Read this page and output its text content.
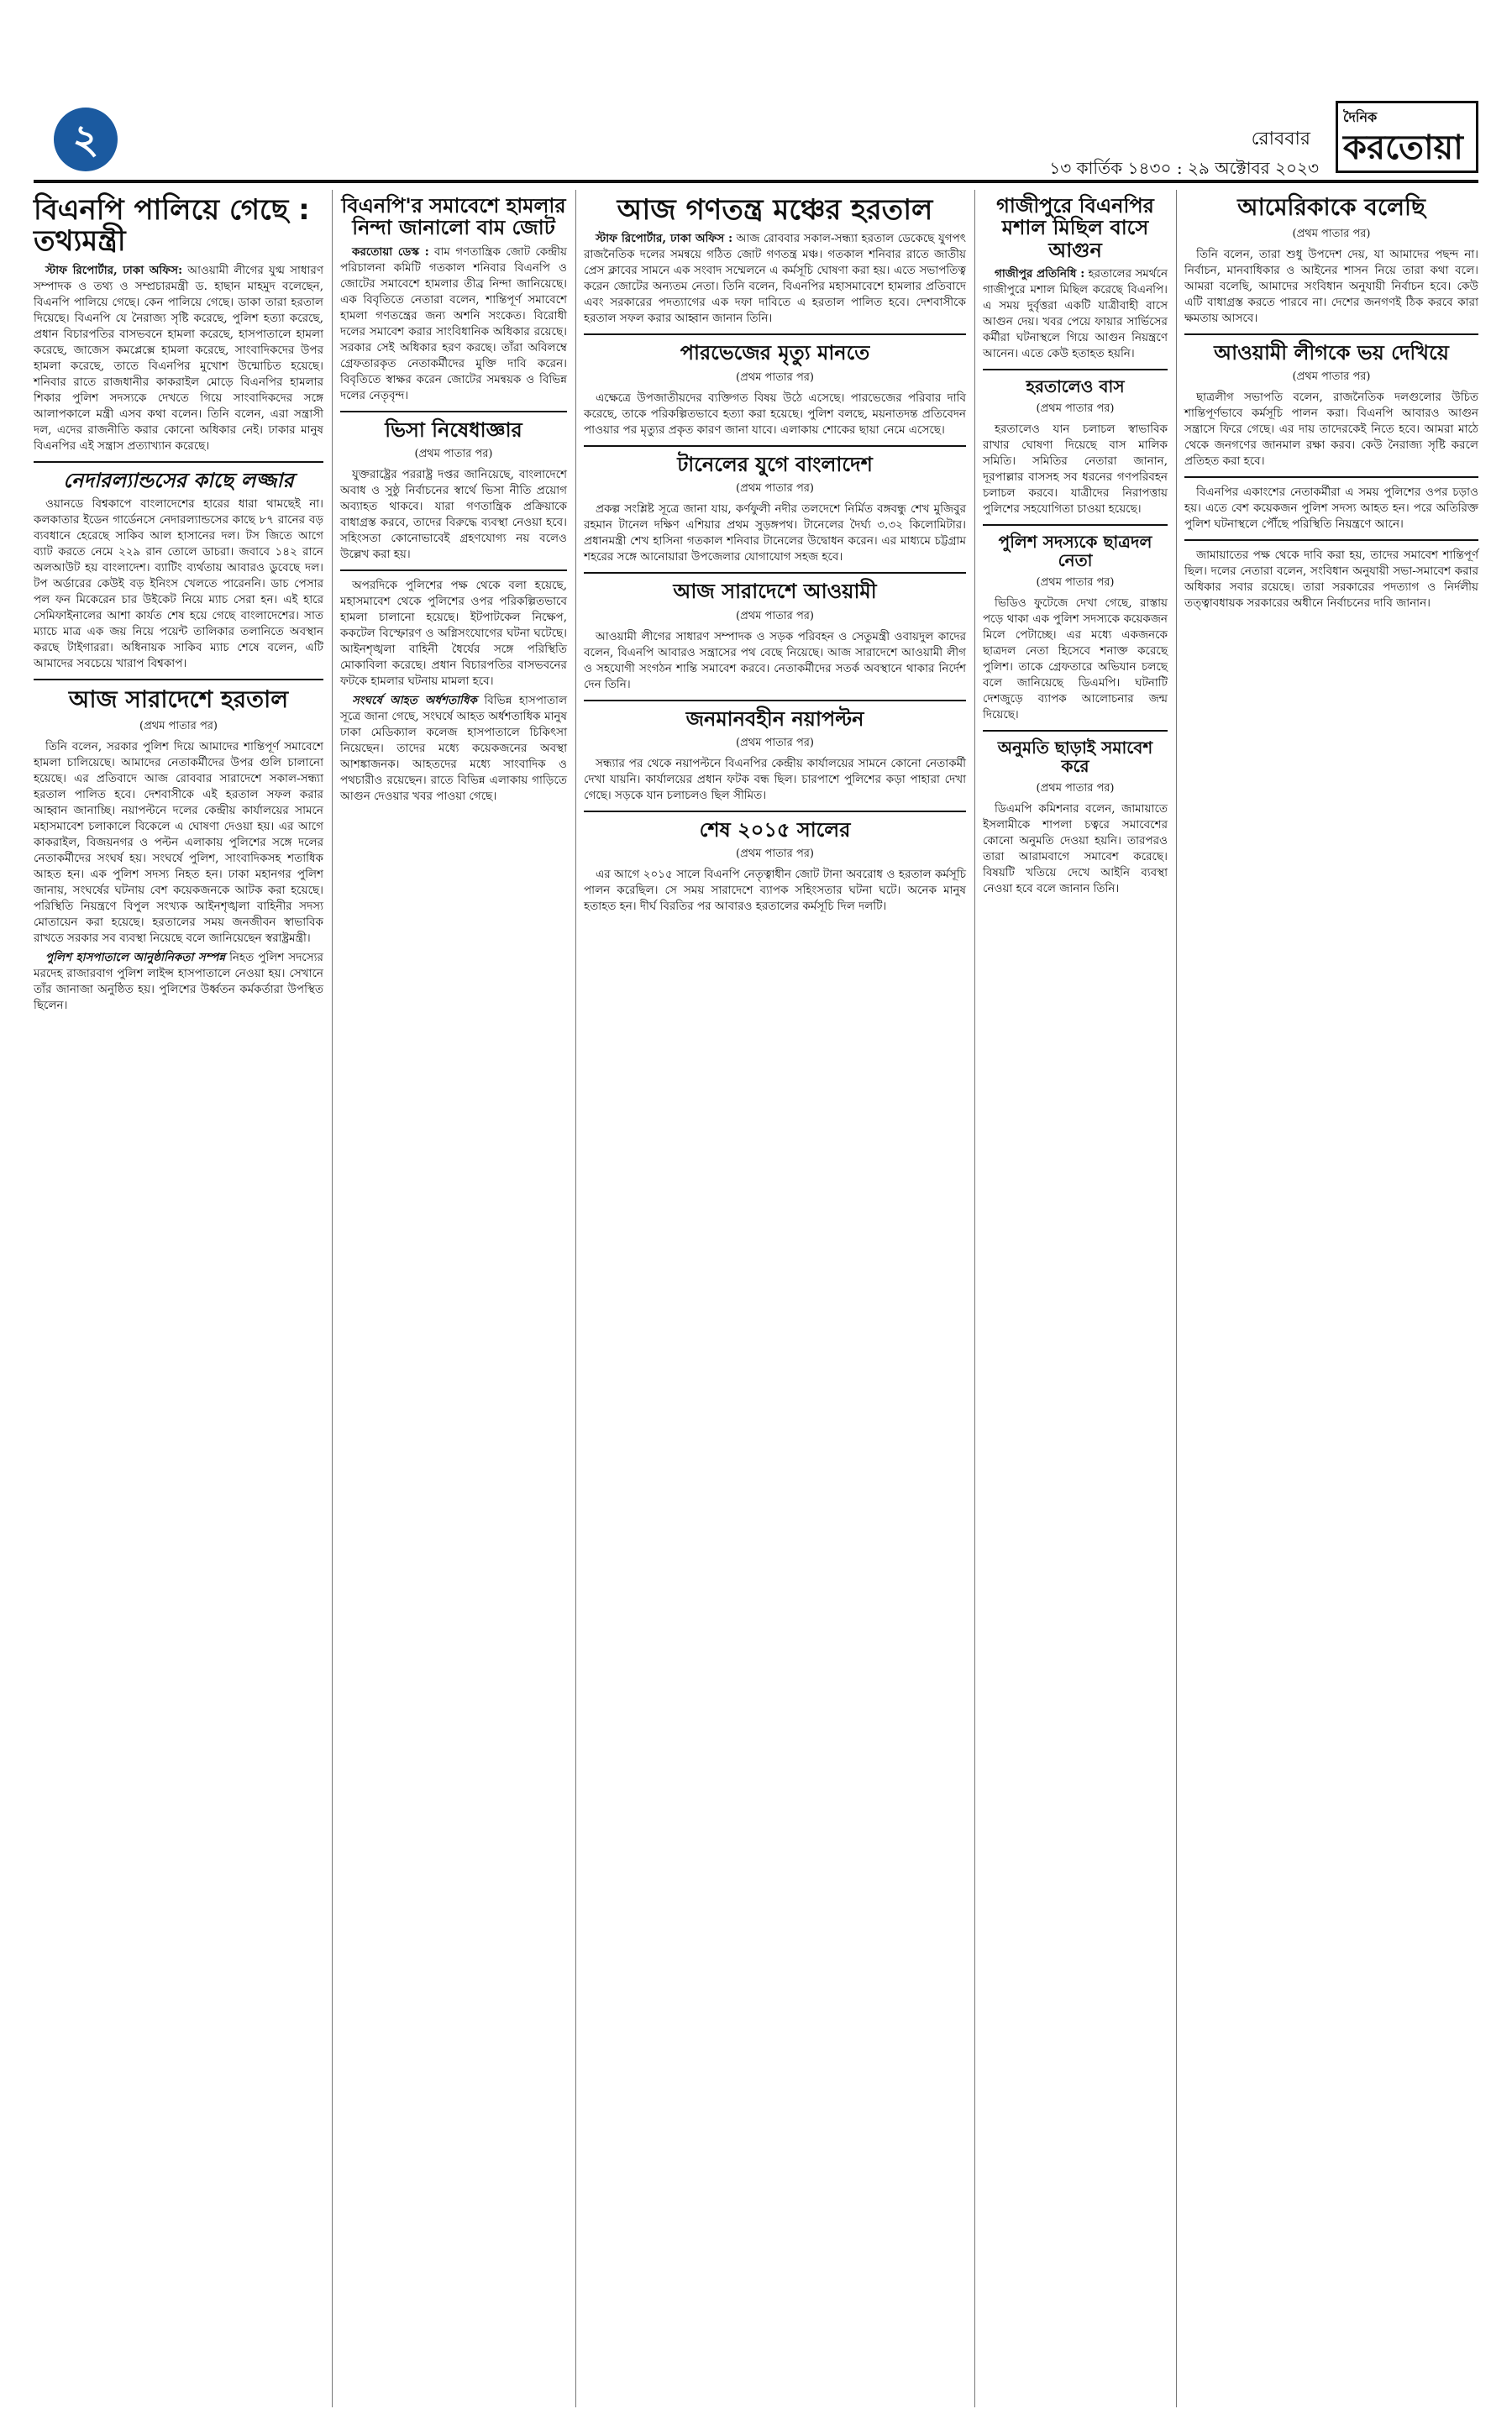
২	রোববার
১৩ কার্তিক ১৪৩০ : ২৯ অক্টোবর ২০২৩
দৈনিক
করতোয়া
বিএনপি পালিয়ে গেছে : তথ্যমন্ত্রী

স্টাফ রিপোর্টার, ঢাকা অফিস: আওয়ামী লীগের যুগ্ম সাধারণ সম্পাদক ও তথ্য ও সম্প্রচারমন্ত্রী ড. হাছান মাহমুদ বলেছেন, বিএনপি পালিয়ে গেছে। কেন পালিয়ে গেছে। ডাকা তারা হরতাল দিয়েছে। বিএনপি যে নৈরাজ্য সৃষ্টি করেছে, পুলিশ হত্যা করেছে, প্রধান বিচারপতির বাসভবনে হামলা করেছে, হাসপাতালে হামলা করেছে, জাজেস কমপ্লেক্সে হামলা করেছে, সাংবাদিকদের উপর হামলা করেছে, তাতে বিএনপির মুখোশ উন্মোচিত হয়েছে। শনিবার রাতে রাজধানীর কাকরাইল মোড়ে বিএনপির হামলার শিকার পুলিশ সদস্যকে দেখতে গিয়ে সাংবাদিকদের সঙ্গে আলাপকালে মন্ত্রী এসব কথা বলেন। তিনি বলেন, এরা সন্ত্রাসী দল, এদের রাজনীতি করার কোনো অধিকার নেই। ঢাকার মানুষ বিএনপির এই সন্ত্রাস প্রত্যাখ্যান করেছে।

নেদারল্যান্ডসের কাছে লজ্জার

ওয়ানডে বিশ্বকাপে বাংলাদেশের হারের ধারা থামছেই না। কলকাতার ইডেন গার্ডেনসে নেদারল্যান্ডসের কাছে ৮৭ রানের বড় ব্যবধানে হেরেছে সাকিব আল হাসানের দল। টস জিতে আগে ব্যাট করতে নেমে ২২৯ রান তোলে ডাচরা। জবাবে ১৪২ রানে অলআউট হয় বাংলাদেশ। ব্যাটিং ব্যর্থতায় আবারও ডুবেছে দল। টপ অর্ডারের কেউই বড় ইনিংস খেলতে পারেননি। ডাচ পেসার পল ফন মিকেরেন চার উইকেট নিয়ে ম্যাচ সেরা হন। এই হারে সেমিফাইনালের আশা কার্যত শেষ হয়ে গেছে বাংলাদেশের। সাত ম্যাচে মাত্র এক জয় নিয়ে পয়েন্ট তালিকার তলানিতে অবস্থান করছে টাইগাররা। অধিনায়ক সাকিব ম্যাচ শেষে বলেন, এটি আমাদের সবচেয়ে খারাপ বিশ্বকাপ।

আজ সারাদেশে হরতাল
(প্রথম পাতার পর)

তিনি বলেন, সরকার পুলিশ দিয়ে আমাদের শান্তিপূর্ণ সমাবেশে হামলা চালিয়েছে। আমাদের নেতাকর্মীদের উপর গুলি চালানো হয়েছে। এর প্রতিবাদে আজ রোববার সারাদেশে সকাল-সন্ধ্যা হরতাল পালিত হবে। দেশবাসীকে এই হরতাল সফল করার আহ্বান জানাচ্ছি। নয়াপল্টনে দলের কেন্দ্রীয় কার্যালয়ের সামনে মহাসমাবেশ চলাকালে বিকেলে এ ঘোষণা দেওয়া হয়। এর আগে কাকরাইল, বিজয়নগর ও পল্টন এলাকায় পুলিশের সঙ্গে দলের নেতাকর্মীদের সংঘর্ষ হয়। সংঘর্ষে পুলিশ, সাংবাদিকসহ শতাধিক আহত হন। এক পুলিশ সদস্য নিহত হন। ঢাকা মহানগর পুলিশ জানায়, সংঘর্ষের ঘটনায় বেশ কয়েকজনকে আটক করা হয়েছে। পরিস্থিতি নিয়ন্ত্রণে বিপুল সংখ্যক আইনশৃঙ্খলা বাহিনীর সদস্য মোতায়েন করা হয়েছে। হরতালের সময় জনজীবন স্বাভাবিক রাখতে সরকার সব ব্যবস্থা নিয়েছে বলে জানিয়েছেন স্বরাষ্ট্রমন্ত্রী।

পুলিশ হাসপাতালে আনুষ্ঠানিকতা সম্পন্ন নিহত পুলিশ সদস্যের মরদেহ রাজারবাগ পুলিশ লাইন্স হাসপাতালে নেওয়া হয়। সেখানে তাঁর জানাজা অনুষ্ঠিত হয়। পুলিশের উর্ধ্বতন কর্মকর্তারা উপস্থিত ছিলেন।

বিএনপি'র সমাবেশে হামলার নিন্দা জানালো বাম জোট

করতোয়া ডেস্ক : বাম গণতান্ত্রিক জোট কেন্দ্রীয় পরিচালনা কমিটি গতকাল শনিবার বিএনপি ও জোটের সমাবেশে হামলার তীব্র নিন্দা জানিয়েছে। এক বিবৃতিতে নেতারা বলেন, শান্তিপূর্ণ সমাবেশে হামলা গণতন্ত্রের জন্য অশনি সংকেত। বিরোধী দলের সমাবেশ করার সাংবিধানিক অধিকার রয়েছে। সরকার সেই অধিকার হরণ করছে। তাঁরা অবিলম্বে গ্রেফতারকৃত নেতাকর্মীদের মুক্তি দাবি করেন। বিবৃতিতে স্বাক্ষর করেন জোটের সমন্বয়ক ও বিভিন্ন দলের নেতৃবৃন্দ।

ভিসা নিষেধাজ্ঞার
(প্রথম পাতার পর)

যুক্তরাষ্ট্রের পররাষ্ট্র দপ্তর জানিয়েছে, বাংলাদেশে অবাধ ও সুষ্ঠু নির্বাচনের স্বার্থে ভিসা নীতি প্রয়োগ অব্যাহত থাকবে। যারা গণতান্ত্রিক প্রক্রিয়াকে বাধাগ্রস্ত করবে, তাদের বিরুদ্ধে ব্যবস্থা নেওয়া হবে। সহিংসতা কোনোভাবেই গ্রহণযোগ্য নয় বলেও উল্লেখ করা হয়।

অপরদিকে পুলিশের পক্ষ থেকে বলা হয়েছে, মহাসমাবেশ থেকে পুলিশের ওপর পরিকল্পিতভাবে হামলা চালানো হয়েছে। ইটপাটকেল নিক্ষেপ, ককটেল বিস্ফোরণ ও অগ্নিসংযোগের ঘটনা ঘটেছে। আইনশৃঙ্খলা বাহিনী ধৈর্যের সঙ্গে পরিস্থিতি মোকাবিলা করেছে। প্রধান বিচারপতির বাসভবনের ফটকে হামলার ঘটনায় মামলা হবে।

সংঘর্ষে আহত অর্ধশতাধিক বিভিন্ন হাসপাতাল সূত্রে জানা গেছে, সংঘর্ষে আহত অর্ধশতাধিক মানুষ ঢাকা মেডিক্যাল কলেজ হাসপাতালে চিকিৎসা নিয়েছেন। তাদের মধ্যে কয়েকজনের অবস্থা আশঙ্কাজনক। আহতদের মধ্যে সাংবাদিক ও পথচারীও রয়েছেন। রাতে বিভিন্ন এলাকায় গাড়িতে আগুন দেওয়ার খবর পাওয়া গেছে।

আজ গণতন্ত্র মঞ্চের হরতাল

স্টাফ রিপোর্টার, ঢাকা অফিস : আজ রোববার সকাল-সন্ধ্যা হরতাল ডেকেছে যুগপৎ রাজনৈতিক দলের সমন্বয়ে গঠিত জোট গণতন্ত্র মঞ্চ। গতকাল শনিবার রাতে জাতীয় প্রেস ক্লাবের সামনে এক সংবাদ সম্মেলনে এ কর্মসূচি ঘোষণা করা হয়। এতে সভাপতিত্ব করেন জোটের অন্যতম নেতা। তিনি বলেন, বিএনপির মহাসমাবেশে হামলার প্রতিবাদে এবং সরকারের পদত্যাগের এক দফা দাবিতে এ হরতাল পালিত হবে। দেশবাসীকে হরতাল সফল করার আহ্বান জানান তিনি।

পারভেজের মৃত্যু মানতে
(প্রথম পাতার পর)

এক্ষেত্রে উপজাতীয়দের ব্যক্তিগত বিষয় উঠে এসেছে। পারভেজের পরিবার দাবি করেছে, তাকে পরিকল্পিতভাবে হত্যা করা হয়েছে। পুলিশ বলছে, ময়নাতদন্ত প্রতিবেদন পাওয়ার পর মৃত্যুর প্রকৃত কারণ জানা যাবে। এলাকায় শোকের ছায়া নেমে এসেছে।

টানেলের যুগে বাংলাদেশ
(প্রথম পাতার পর)

প্রকল্প সংশ্লিষ্ট সূত্রে জানা যায়, কর্ণফুলী নদীর তলদেশে নির্মিত বঙ্গবন্ধু শেখ মুজিবুর রহমান টানেল দক্ষিণ এশিয়ার প্রথম সুড়ঙ্গপথ। টানেলের দৈর্ঘ্য ৩.৩২ কিলোমিটার। প্রধানমন্ত্রী শেখ হাসিনা গতকাল শনিবার টানেলের উদ্বোধন করেন। এর মাধ্যমে চট্টগ্রাম শহরের সঙ্গে আনোয়ারা উপজেলার যোগাযোগ সহজ হবে।

আজ সারাদেশে আওয়ামী
(প্রথম পাতার পর)

আওয়ামী লীগের সাধারণ সম্পাদক ও সড়ক পরিবহন ও সেতুমন্ত্রী ওবায়দুল কাদের বলেন, বিএনপি আবারও সন্ত্রাসের পথ বেছে নিয়েছে। আজ সারাদেশে আওয়ামী লীগ ও সহযোগী সংগঠন শান্তি সমাবেশ করবে। নেতাকর্মীদের সতর্ক অবস্থানে থাকার নির্দেশ দেন তিনি।

জনমানবহীন নয়াপল্টন
(প্রথম পাতার পর)

সন্ধ্যার পর থেকে নয়াপল্টনে বিএনপির কেন্দ্রীয় কার্যালয়ের সামনে কোনো নেতাকর্মী দেখা যায়নি। কার্যালয়ের প্রধান ফটক বন্ধ ছিল। চারপাশে পুলিশের কড়া পাহারা দেখা গেছে। সড়কে যান চলাচলও ছিল সীমিত।

শেষ ২০১৫ সালের
(প্রথম পাতার পর)

এর আগে ২০১৫ সালে বিএনপি নেতৃত্বাধীন জোট টানা অবরোধ ও হরতাল কর্মসূচি পালন করেছিল। সে সময় সারাদেশে ব্যাপক সহিংসতার ঘটনা ঘটে। অনেক মানুষ হতাহত হন। দীর্ঘ বিরতির পর আবারও হরতালের কর্মসূচি দিল দলটি।

গাজীপুরে বিএনপির মশাল মিছিল বাসে আগুন

গাজীপুর প্রতিনিধি : হরতালের সমর্থনে গাজীপুরে মশাল মিছিল করেছে বিএনপি। এ সময় দুর্বৃত্তরা একটি যাত্রীবাহী বাসে আগুন দেয়। খবর পেয়ে ফায়ার সার্ভিসের কর্মীরা ঘটনাস্থলে গিয়ে আগুন নিয়ন্ত্রণে আনেন। এতে কেউ হতাহত হয়নি।

হরতালেও বাস
(প্রথম পাতার পর)

হরতালেও যান চলাচল স্বাভাবিক রাখার ঘোষণা দিয়েছে বাস মালিক সমিতি। সমিতির নেতারা জানান, দূরপাল্লার বাসসহ সব ধরনের গণপরিবহন চলাচল করবে। যাত্রীদের নিরাপত্তায় পুলিশের সহযোগিতা চাওয়া হয়েছে।

পুলিশ সদস্যকে ছাত্রদল নেতা
(প্রথম পাতার পর)

ভিডিও ফুটেজে দেখা গেছে, রাস্তায় পড়ে থাকা এক পুলিশ সদস্যকে কয়েকজন মিলে পেটাচ্ছে। এর মধ্যে একজনকে ছাত্রদল নেতা হিসেবে শনাক্ত করেছে পুলিশ। তাকে গ্রেফতারে অভিযান চলছে বলে জানিয়েছে ডিএমপি। ঘটনাটি দেশজুড়ে ব্যাপক আলোচনার জন্ম দিয়েছে।

অনুমতি ছাড়াই সমাবেশ করে
(প্রথম পাতার পর)

ডিএমপি কমিশনার বলেন, জামায়াতে ইসলামীকে শাপলা চত্বরে সমাবেশের কোনো অনুমতি দেওয়া হয়নি। তারপরও তারা আরামবাগে সমাবেশ করেছে। বিষয়টি খতিয়ে দেখে আইনি ব্যবস্থা নেওয়া হবে বলে জানান তিনি।

আমেরিকাকে বলেছি
(প্রথম পাতার পর)

তিনি বলেন, তারা শুধু উপদেশ দেয়, যা আমাদের পছন্দ না। নির্বাচন, মানবাধিকার ও আইনের শাসন নিয়ে তারা কথা বলে। আমরা বলেছি, আমাদের সংবিধান অনুযায়ী নির্বাচন হবে। কেউ এটি বাধাগ্রস্ত করতে পারবে না। দেশের জনগণই ঠিক করবে কারা ক্ষমতায় আসবে।

আওয়ামী লীগকে ভয় দেখিয়ে
(প্রথম পাতার পর)

ছাত্রলীগ সভাপতি বলেন, রাজনৈতিক দলগুলোর উচিত শান্তিপূর্ণভাবে কর্মসূচি পালন করা। বিএনপি আবারও আগুন সন্ত্রাসে ফিরে গেছে। এর দায় তাদেরকেই নিতে হবে। আমরা মাঠে থেকে জনগণের জানমাল রক্ষা করব। কেউ নৈরাজ্য সৃষ্টি করলে প্রতিহত করা হবে।

বিএনপির একাংশের নেতাকর্মীরা এ সময় পুলিশের ওপর চড়াও হয়। এতে বেশ কয়েকজন পুলিশ সদস্য আহত হন। পরে অতিরিক্ত পুলিশ ঘটনাস্থলে পৌঁছে পরিস্থিতি নিয়ন্ত্রণে আনে।

জামায়াতের পক্ষ থেকে দাবি করা হয়, তাদের সমাবেশ শান্তিপূর্ণ ছিল। দলের নেতারা বলেন, সংবিধান অনুযায়ী সভা-সমাবেশ করার অধিকার সবার রয়েছে। তারা সরকারের পদত্যাগ ও নির্দলীয় তত্ত্বাবধায়ক সরকারের অধীনে নির্বাচনের দাবি জানান।
